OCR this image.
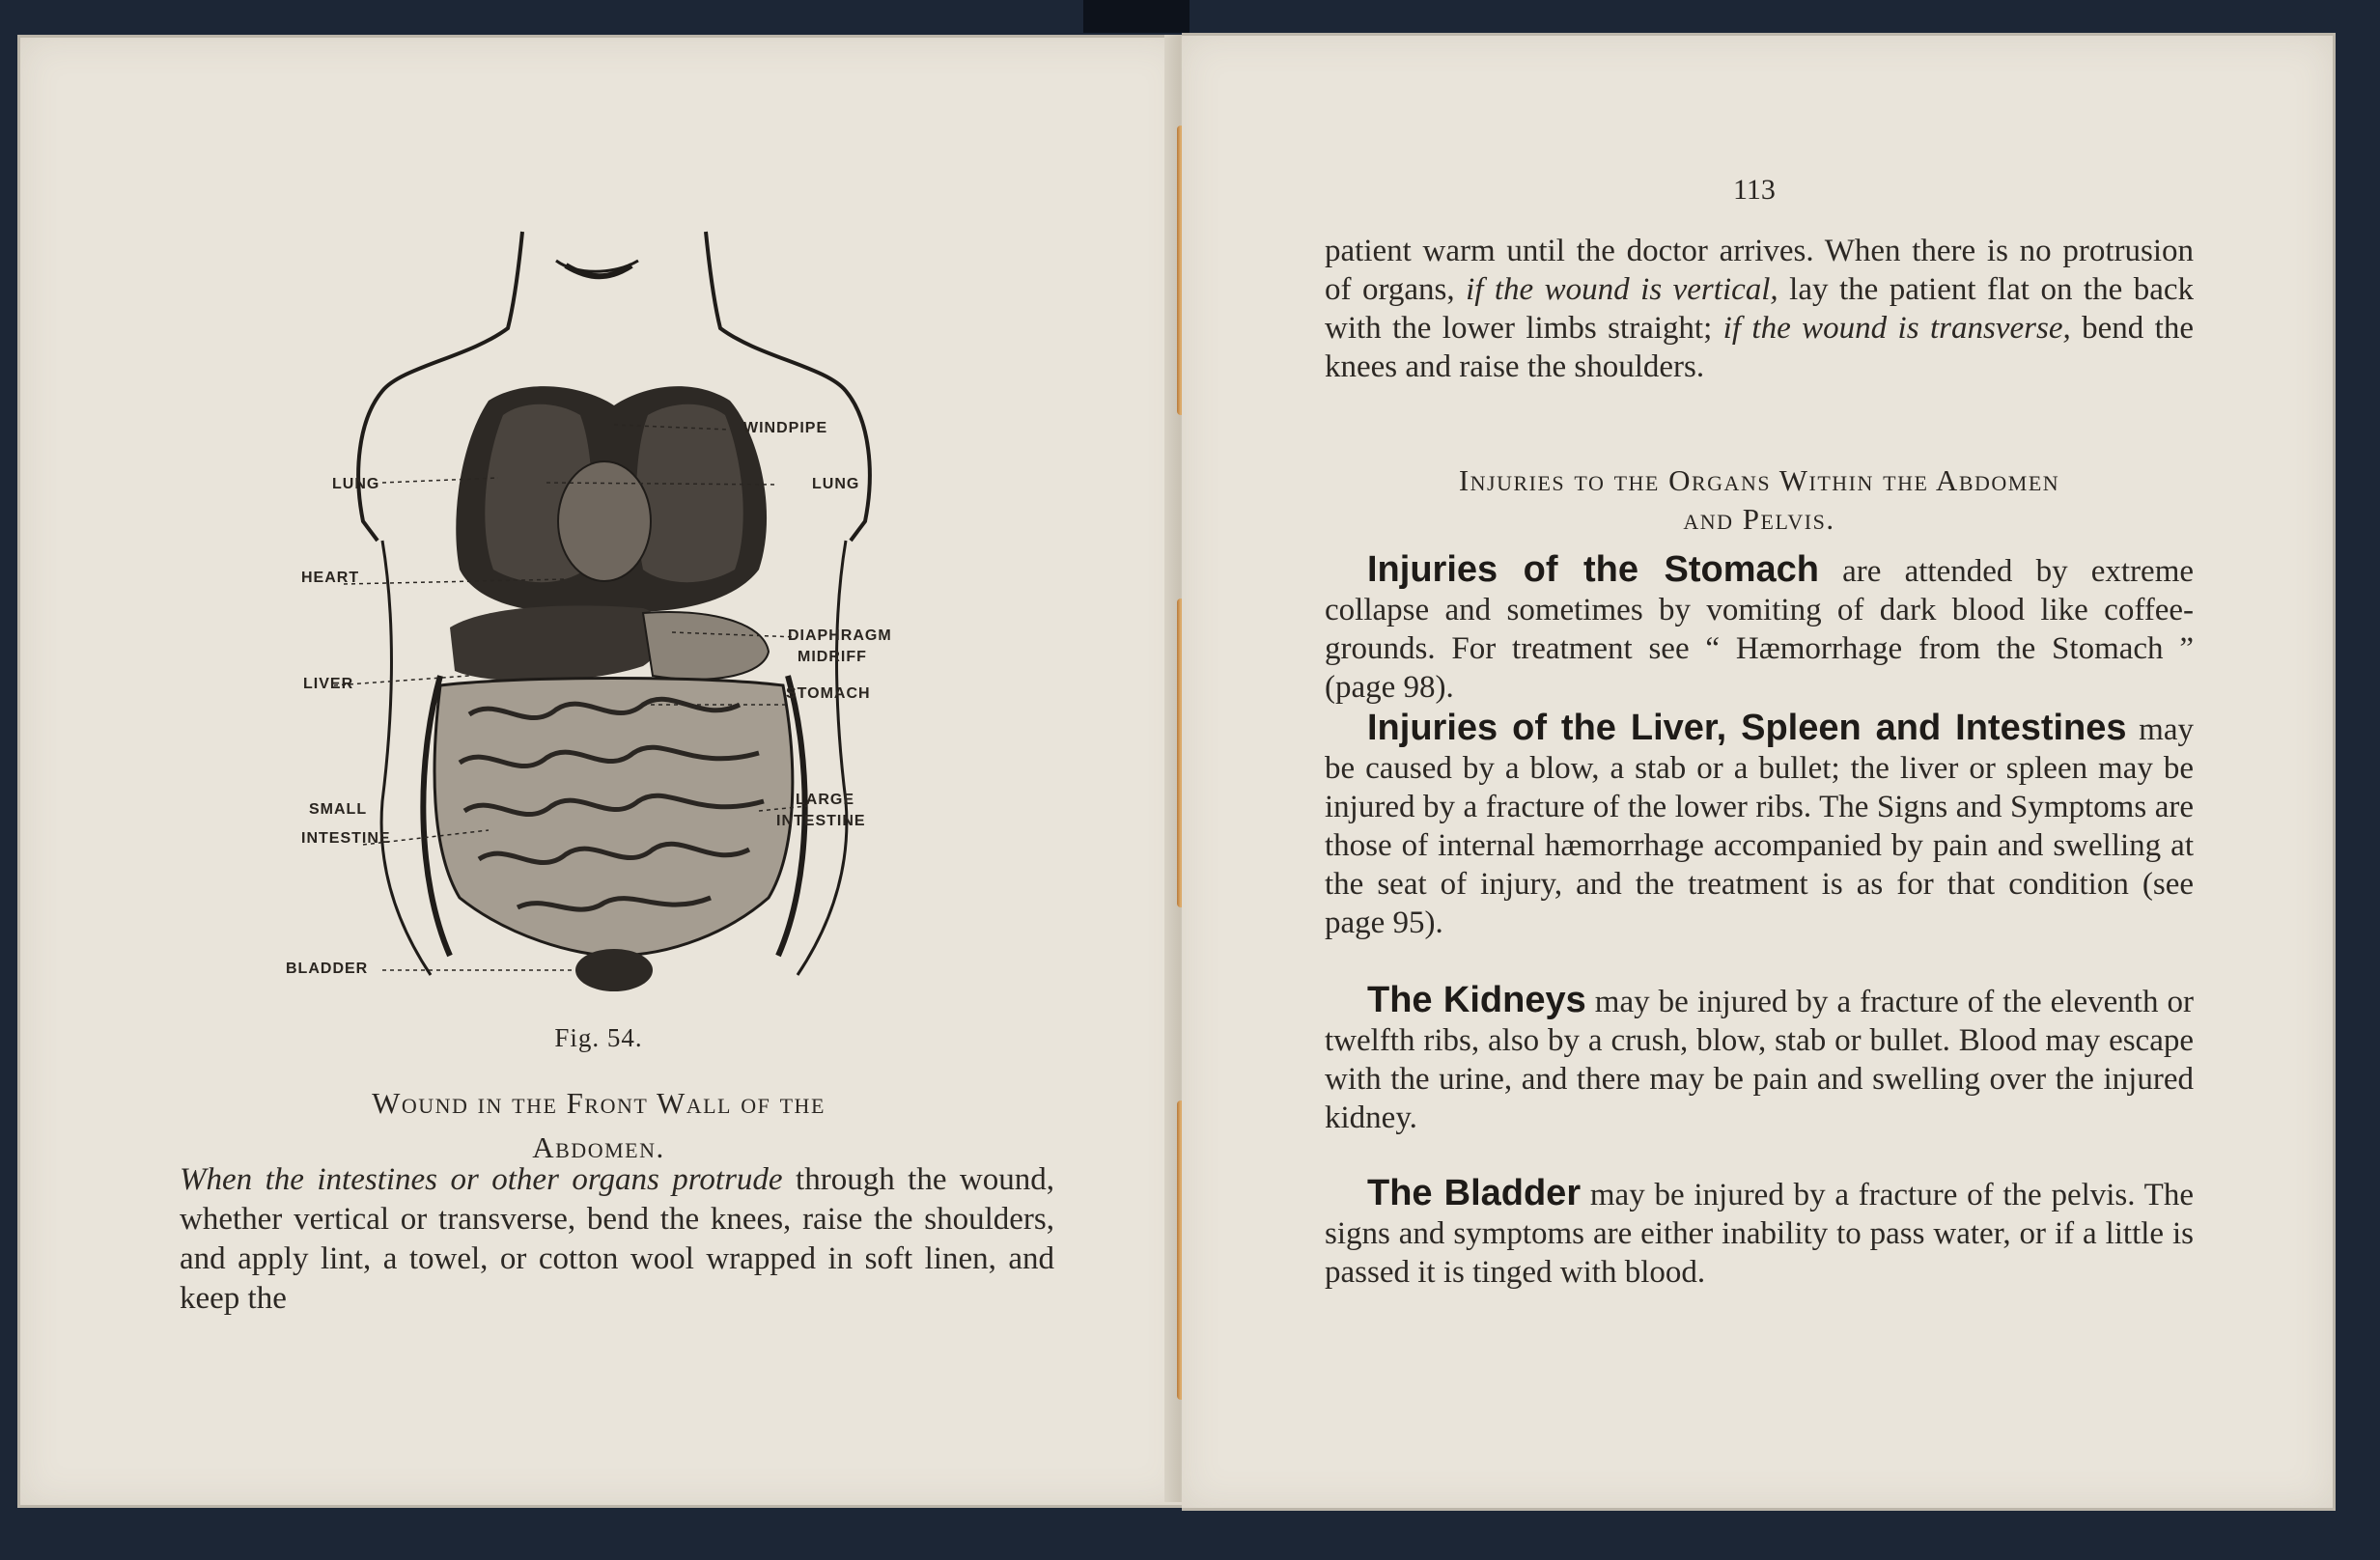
WINDPIPE
LUNG	LUNG
HEART
DIAPHRAGM
MIDRIFF
LIVER
STOMACH
SMALL
INTESTINE
LARGE
INTESTINE
BLADDER
Fig. 54.
Wound in the Front Wall of the
Abdomen.
When the intestines or other organs protrude through the wound, whether vertical or transverse, bend the knees, raise the shoulders, and apply lint, a towel, or cotton wool wrapped in soft linen, and keep the
113
patient warm until the doctor arrives. When there is no protrusion of organs, if the wound is vertical, lay the patient flat on the back with the lower limbs straight; if the wound is transverse, bend the knees and raise the shoulders.
Injuries to the Organs Within the Abdomen
and Pelvis.
Injuries of the Stomach are attended by extreme collapse and sometimes by vomiting of dark blood like coffee-grounds. For treatment see “ Hæmorrhage from the Stomach ” (page 98).
Injuries of the Liver, Spleen and Intestines may be caused by a blow, a stab or a bullet; the liver or spleen may be injured by a fracture of the lower ribs. The Signs and Symptoms are those of internal hæmorrhage accompanied by pain and swelling at the seat of injury, and the treatment is as for that condition (see page 95).
The Kidneys may be injured by a fracture of the eleventh or twelfth ribs, also by a crush, blow, stab or bullet. Blood may escape with the urine, and there may be pain and swelling over the injured kidney.
The Bladder may be injured by a fracture of the pelvis. The signs and symptoms are either inability to pass water, or if a little is passed it is tinged with blood.
